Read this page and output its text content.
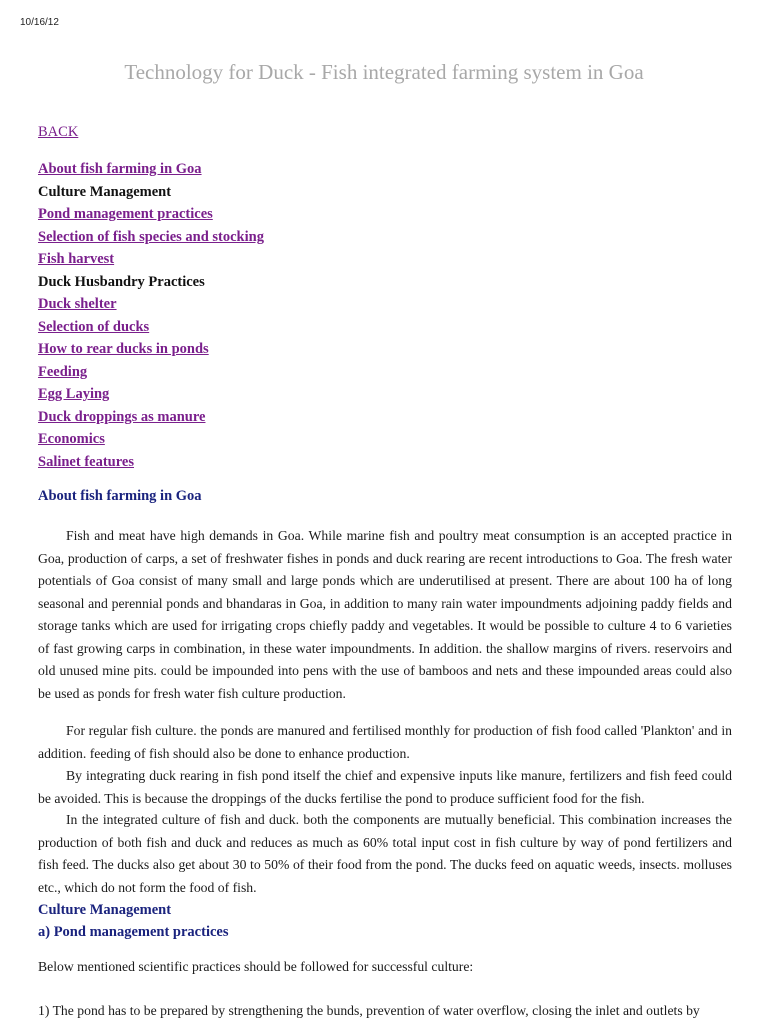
10/16/12
Technology for Duck - Fish integrated farming system in Goa
BACK
About fish farming in Goa
Culture Management
Pond management practices
Selection of fish species and stocking
Fish harvest
Duck Husbandry Practices
Duck shelter
Selection of ducks
How to rear ducks in ponds
Feeding
Egg Laying
Duck droppings as manure
Economics
Salinet features
About fish farming in Goa

Fish and meat have high demands in Goa. While marine fish and poultry meat consumption is an accepted practice in Goa, production of carps, a set of freshwater fishes in ponds and duck rearing are recent introductions to Goa. The fresh water potentials of Goa consist of many small and large ponds which are underutilised at present. There are about 100 ha of long seasonal and perennial ponds and bhandaras in Goa, in addition to many rain water impoundments adjoining paddy fields and storage tanks which are used for irrigating crops chiefly paddy and vegetables. It would be possible to culture 4 to 6 varieties of fast growing carps in combination, in these water impoundments. In addition. the shallow margins of rivers. reservoirs and old unused mine pits. could be impounded into pens with the use of bamboos and nets and these impounded areas could also be used as ponds for fresh water fish culture production.

For regular fish culture. the ponds are manured and fertilised monthly for production of fish food called 'Plankton' and in addition. feeding of fish should also be done to enhance production.

By integrating duck rearing in fish pond itself the chief and expensive inputs like manure, fertilizers and fish feed could be avoided. This is because the droppings of the ducks fertilise the pond to produce sufficient food for the fish.

In the integrated culture of fish and duck. both the components are mutually beneficial. This combination increases the production of both fish and duck and reduces as much as 60% total input cost in fish culture by way of pond fertilizers and fish feed. The ducks also get about 30 to 50% of their food from the pond. The ducks feed on aquatic weeds, insects. molluses etc., which do not form the food of fish.

Culture Management
a) Pond management practices

Below mentioned scientific practices should be followed for successful culture:

1) The pond has to be prepared by strengthening the bunds, prevention of water overflow, closing the inlet and outlets by
